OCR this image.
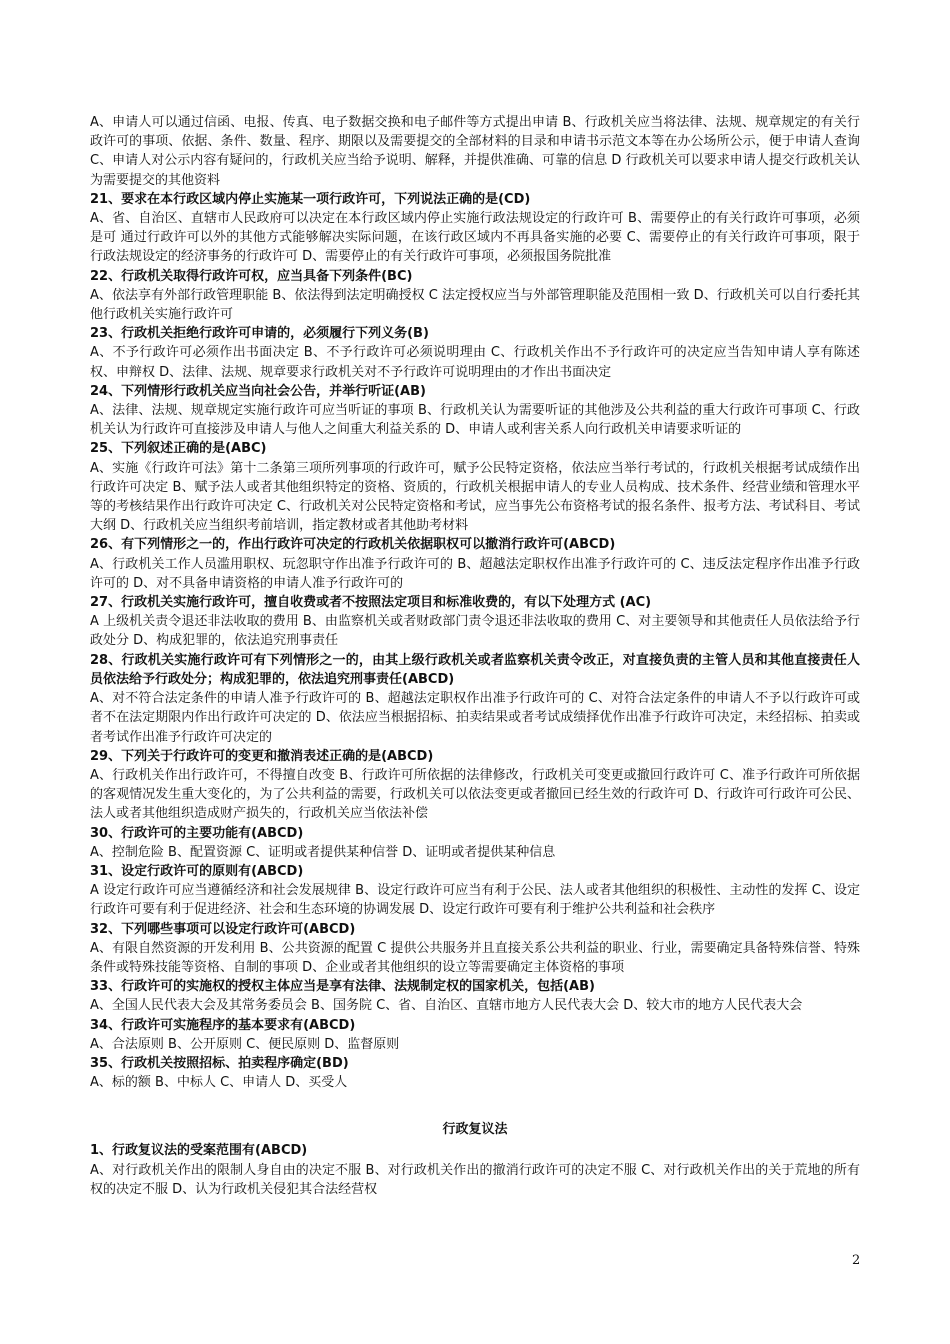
A、申请人可以通过信函、电报、传真、电子数据交换和电子邮件等方式提出申请 B、行政机关应当将法律、法规、规章规定的有关行政许可的事项、依据、条件、数量、程序、期限以及需要提交的全部材料的目录和申请书示范文本等在办公场所公示，便于申请人查询 C、申请人对公示内容有疑问的，行政机关应当给予说明、解释，并提供准确、可靠的信息 D 行政机关可以要求申请人提交行政机关认为需要提交的其他资料

21、要求在本行政区域内停止实施某一项行政许可，下列说法正确的是(CD)

A、省、自治区、直辖市人民政府可以决定在本行政区域内停止实施行政法规设定的行政许可 B、需要停止的有关行政许可事项，必须是可 通过行政许可以外的其他方式能够解决实际问题，在该行政区域内不再具备实施的必要 C、需要停止的有关行政许可事项，限于行政法规设定的经济事务的行政许可 D、需要停止的有关行政许可事项，必须报国务院批准

22、行政机关取得行政许可权，应当具备下列条件(BC)

A、依法享有外部行政管理职能 B、依法得到法定明确授权 C 法定授权应当与外部管理职能及范围相一致 D、行政机关可以自行委托其他行政机关实施行政许可

23、行政机关拒绝行政许可申请的，必须履行下列义务(B)

A、不予行政许可必须作出书面决定 B、不予行政许可必须说明理由 C、行政机关作出不予行政许可的决定应当告知申请人享有陈述权、申辩权 D、法律、法规、规章要求行政机关对不予行政许可说明理由的才作出书面决定

24、下列情形行政机关应当向社会公告，并举行听证(AB)

A、法律、法规、规章规定实施行政许可应当听证的事项 B、行政机关认为需要听证的其他涉及公共利益的重大行政许可事项 C、行政机关认为行政许可直接涉及申请人与他人之间重大利益关系的 D、申请人或利害关系人向行政机关申请要求听证的

25、下列叙述正确的是(ABC)

A、实施《行政许可法》第十二条第三项所列事项的行政许可，赋予公民特定资格，依法应当举行考试的，行政机关根据考试成绩作出行政许可决定 B、赋予法人或者其他组织特定的资格、资质的，行政机关根据申请人的专业人员构成、技术条件、经营业绩和管理水平等的考核结果作出行政许可决定 C、行政机关对公民特定资格和考试，应当事先公布资格考试的报名条件、报考方法、考试科目、考试大纲 D、行政机关应当组织考前培训，指定教材或者其他助考材料

26、有下列情形之一的，作出行政许可决定的行政机关依据职权可以撤消行政许可(ABCD)

A、行政机关工作人员滥用职权、玩忽职守作出准予行政许可的 B、超越法定职权作出准予行政许可的 C、违反法定程序作出准予行政许可的 D、对不具备申请资格的申请人准予行政许可的

27、行政机关实施行政许可，擅自收费或者不按照法定项目和标准收费的，有以下处理方式 (AC)

A 上级机关责令退还非法收取的费用 B、由监察机关或者财政部门责令退还非法收取的费用 C、对主要领导和其他责任人员依法给予行政处分 D、构成犯罪的，依法追究刑事责任

28、行政机关实施行政许可有下列情形之一的，由其上级行政机关或者监察机关责令改正，对直接负责的主管人员和其他直接责任人员依法给予行政处分；构成犯罪的，依法追究刑事责任(ABCD)

A、对不符合法定条件的申请人准予行政许可的 B、超越法定职权作出准予行政许可的 C、对符合法定条件的申请人不予以行政许可或者不在法定期限内作出行政许可决定的 D、依法应当根据招标、拍卖结果或者考试成绩择优作出准予行政许可决定，未经招标、拍卖或者考试作出准予行政许可决定的

29、下列关于行政许可的变更和撤消表述正确的是(ABCD)

A、行政机关作出行政许可，不得擅自改变 B、行政许可所依据的法律修改，行政机关可变更或撤回行政许可 C、准予行政许可所依据的客观情况发生重大变化的，为了公共利益的需要，行政机关可以依法变更或者撤回已经生效的行政许可 D、行政许可行政许可公民、法人或者其他组织造成财产损失的，行政机关应当依法补偿

30、行政许可的主要功能有(ABCD)

A、控制危险 B、配置资源 C、证明或者提供某种信誉 D、证明或者提供某种信息

31、设定行政许可的原则有(ABCD)

A 设定行政许可应当遵循经济和社会发展规律 B、设定行政许可应当有利于公民、法人或者其他组织的积极性、主动性的发挥 C、设定行政许可要有利于促进经济、社会和生态环境的协调发展 D、设定行政许可要有利于维护公共利益和社会秩序

32、下列哪些事项可以设定行政许可(ABCD)

A、有限自然资源的开发利用 B、公共资源的配置 C 提供公共服务并且直接关系公共利益的职业、行业，需要确定具备特殊信誉、特殊条件或特殊技能等资格、自制的事项 D、企业或者其他组织的设立等需要确定主体资格的事项

33、行政许可的实施权的授权主体应当是享有法律、法规制定权的国家机关，包括(AB)

A、全国人民代表大会及其常务委员会 B、国务院 C、省、自治区、直辖市地方人民代表大会 D、较大市的地方人民代表大会

34、行政许可实施程序的基本要求有(ABCD)

A、合法原则 B、公开原则 C、便民原则 D、监督原则

35、行政机关按照招标、拍卖程序确定(BD)

A、标的额 B、中标人 C、申请人 D、买受人

行政复议法

1、行政复议法的受案范围有(ABCD)

A、对行政机关作出的限制人身自由的决定不服 B、对行政机关作出的撤消行政许可的决定不服 C、对行政机关作出的关于荒地的所有权的决定不服 D、认为行政机关侵犯其合法经营权

2
